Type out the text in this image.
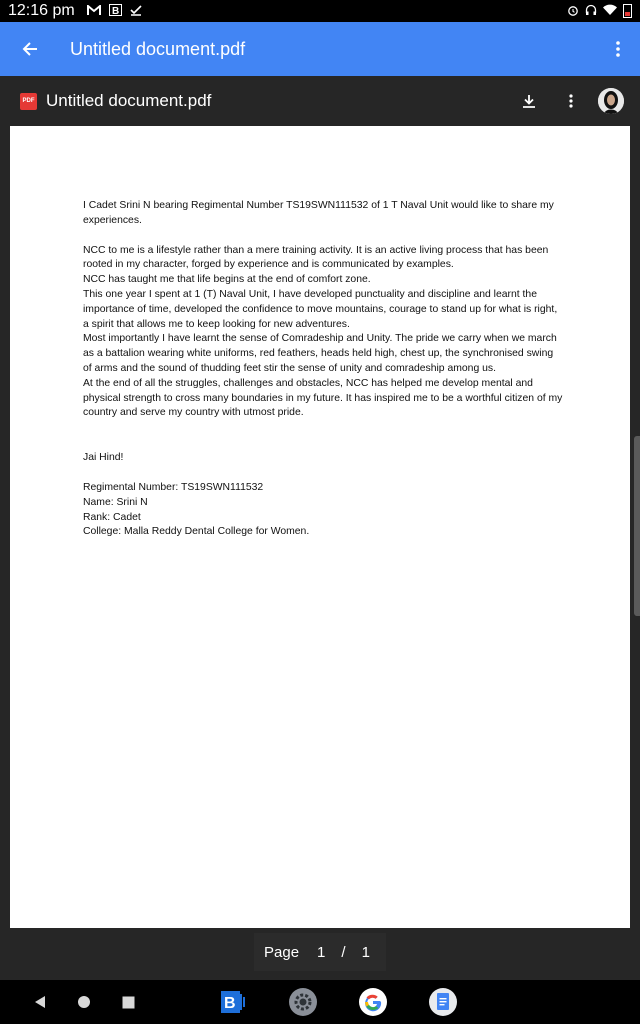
12:16 pm	B
Untitled document.pdf
PDF Untitled document.pdf

I Cadet Srini N bearing Regimental Number TS19SWN111532 of 1 T Naval Unit would like to share my experiences.

NCC to me is a lifestyle rather than a mere training activity. It is an active living process that has been rooted in my character, forged by experience and is communicated by examples.

NCC has taught me that life begins at the end of comfort zone.

This one year I spent at 1 (T) Naval Unit, I have developed punctuality and discipline and learnt the importance of time, developed the confidence to move mountains, courage to stand up for what is right, a spirit that allows me to keep looking for new adventures.

Most importantly I have learnt the sense of Comradeship and Unity. The pride we carry when we march as a battalion wearing white uniforms, red feathers, heads held high, chest up, the synchronised swing of arms and the sound of thudding feet stir the sense of unity and comradeship among us.

At the end of all the struggles, challenges and obstacles, NCC has helped me develop mental and physical strength to cross many boundaries in my future. It has inspired me to be a worthful citizen of my country and serve my country with utmost pride.

Jai Hind!

Regimental Number: TS19SWN111532

Name: Srini N

Rank: Cadet

College: Malla Reddy Dental College for Women.

Page 1 / 1
B
